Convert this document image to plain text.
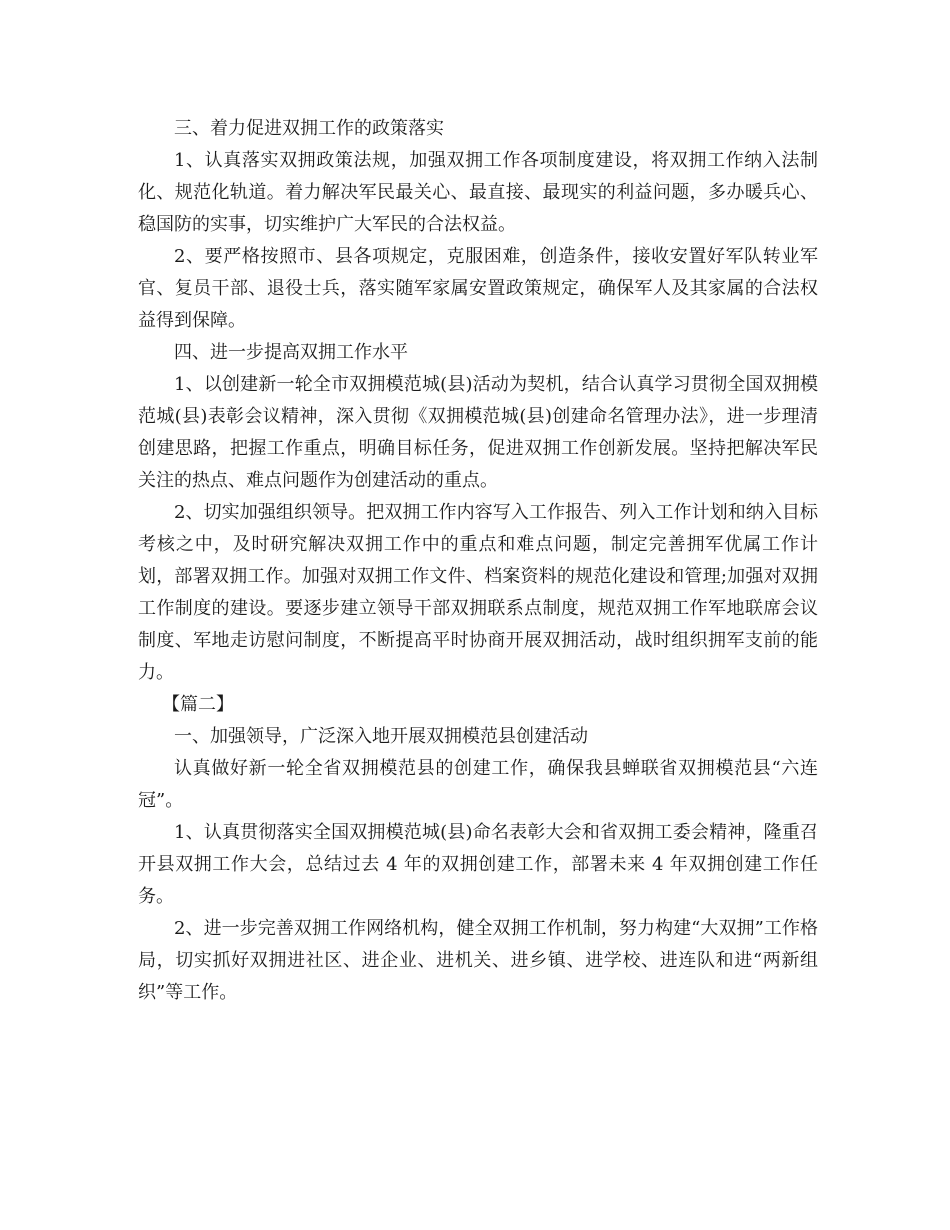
三、着力促进双拥工作的政策落实

1、认真落实双拥政策法规，加强双拥工作各项制度建设，将双拥工作纳入法制化、规范化轨道。着力解决军民最关心、最直接、最现实的利益问题，多办暖兵心、稳国防的实事，切实维护广大军民的合法权益。

2、要严格按照市、县各项规定，克服困难，创造条件，接收安置好军队转业军官、复员干部、退役士兵，落实随军家属安置政策规定，确保军人及其家属的合法权益得到保障。

四、进一步提高双拥工作水平

1、以创建新一轮全市双拥模范城(县)活动为契机，结合认真学习贯彻全国双拥模范城(县)表彰会议精神，深入贯彻《双拥模范城(县)创建命名管理办法》，进一步理清创建思路，把握工作重点，明确目标任务，促进双拥工作创新发展。坚持把解决军民关注的热点、难点问题作为创建活动的重点。

2、切实加强组织领导。把双拥工作内容写入工作报告、列入工作计划和纳入目标考核之中，及时研究解决双拥工作中的重点和难点问题，制定完善拥军优属工作计划，部署双拥工作。加强对双拥工作文件、档案资料的规范化建设和管理;加强对双拥工作制度的建设。要逐步建立领导干部双拥联系点制度，规范双拥工作军地联席会议制度、军地走访慰问制度，不断提高平时协商开展双拥活动，战时组织拥军支前的能力。

【篇二】

一、加强领导，广泛深入地开展双拥模范县创建活动

认真做好新一轮全省双拥模范县的创建工作，确保我县蝉联省双拥模范县“六连冠”。

1、认真贯彻落实全国双拥模范城(县)命名表彰大会和省双拥工委会精神，隆重召开县双拥工作大会，总结过去 4 年的双拥创建工作，部署未来 4 年双拥创建工作任务。

2、进一步完善双拥工作网络机构，健全双拥工作机制，努力构建“大双拥”工作格局，切实抓好双拥进社区、进企业、进机关、进乡镇、进学校、进连队和进“两新组织”等工作。
